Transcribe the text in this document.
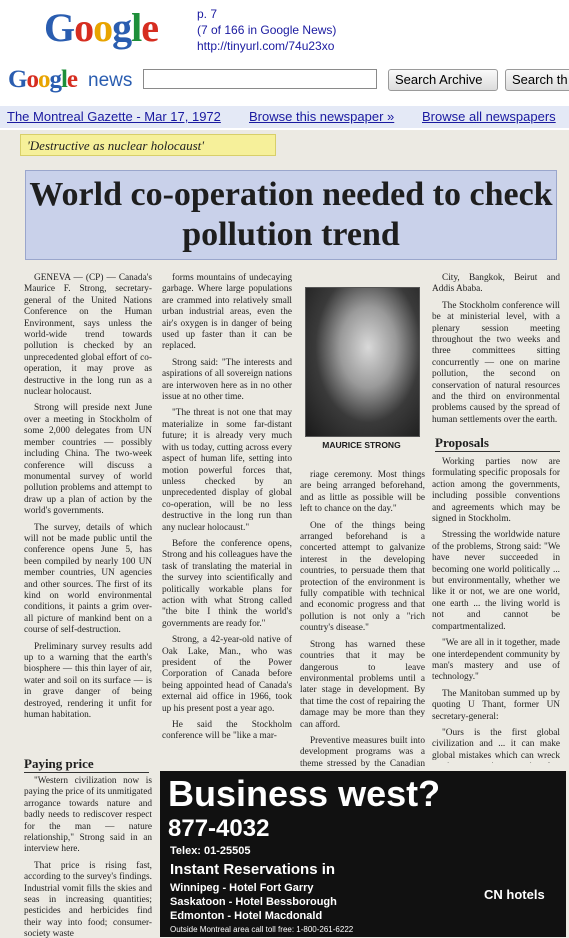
Google	p. 7
(7 of 166 in Google News)
http://tinyurl.com/74u23xo
Google news	Search Archive	Search th
The Montreal Gazette - Mar 17, 1972 Browse this newspaper » Browse all newspapers
'Destructive as nuclear holocaust'
World co-operation needed to check pollution trend

GENEVA — (CP) — Canada's Maurice F. Strong, secretary-general of the United Nations Conference on the Human Environment, says unless the world-wide trend towards pollution is checked by an unprecedented global effort of co-operation, it may prove as destructive in the long run as a nuclear holocaust.

Strong will preside next June over a meeting in Stockholm of some 2,000 delegates from UN member countries — possibly including China. The two-week conference will discuss a monumental survey of world pollution problems and attempt to draw up a plan of action by the world's governments.

The survey, details of which will not be made public until the conference opens June 5, has been compiled by nearly 100 UN member countries, UN agencies and other sources. The first of its kind on world environmental conditions, it paints a grim over-all picture of mankind bent on a course of self-destruction.

Preliminary survey results add up to a warning that the earth's biosphere — this thin layer of air, water and soil on its surface — is in grave danger of being destroyed, rendering it unfit for human habitation.

Paying price

"Western civilization now is paying the price of its unmitigated arrogance towards nature and badly needs to rediscover respect for the man — nature relationship," Strong said in an interview here.

That price is rising fast, according to the survey's findings. Industrial vomit fills the skies and seas in increasing quantities; pesticides and herbicides find their way into food; consumer-society waste

forms mountains of undecaying garbage. Where large populations are crammed into relatively small urban industrial areas, even the air's oxygen is in danger of being used up faster than it can be replaced.

Strong said: "The interests and aspirations of all sovereign nations are interwoven here as in no other issue at no other time.

"The threat is not one that may materialize in some far-distant future; it is already very much with us today, cutting across every aspect of human life, setting into motion powerful forces that, unless checked by an unprecedented display of global co-operation, will be no less destructive in the long run than any nuclear holocaust."

Before the conference opens, Strong and his colleagues have the task of translating the material in the survey into scientifically and politically workable plans for action with what Strong called "the bite I think the world's governments are ready for."

Strong, a 42-year-old native of Oak Lake, Man., who was president of the Power Corporation of Canada before being appointed head of Canada's external aid office in 1966, took up his present post a year ago.

He said the Stockholm conference will be "like a mar-

MAURICE STRONG

riage ceremony. Most things are being arranged beforehand, and as little as possible will be left to chance on the day."

One of the things being arranged beforehand is a concerted attempt to galvanize interest in the developing countries, to persuade them that protection of the environment is fully compatible with technical and economic progress and that pollution is not only a "rich country's disease."

Strong has warned these countries that it may be dangerous to leave environmental problems until a later stage in development. By that time the cost of repairing the damage may be more than they can afford.

Preventive measures built into development programs was a theme stressed by the Canadian

City, Bangkok, Beirut and Addis Ababa.

The Stockholm conference will be at ministerial level, with a plenary session meeting throughout the two weeks and three committees sitting concurrently — one on marine pollution, the second on conservation of natural resources and the third on environmental problems caused by the spread of human settlements over the earth.

Proposals

Working parties now are formulating specific proposals for action among the governments, including possible conventions and agreements which may be signed in Stockholm.

Stressing the worldwide nature of the problems, Strong said: "We have never succeeded in becoming one world politically ... but environmentally, whether we like it or not, we are one world, one earth ... the living world is not and cannot be compartmentalized.

"We are all in it together, made one interdependent community by man's mastery and use of technology."

The Manitoban summed up by quoting U Thant, former UN secretary-general:

"Ours is the first global civilization and ... it can make global mistakes which can wreck

Business west?
877-4032
Telex: 01-25505
Instant Reservations in
Winnipeg - Hotel Fort Garry
Saskatoon - Hotel Bessborough
Edmonton - Hotel Macdonald
Outside Montreal area call toll free: 1-800-261-6222
CN hotels
